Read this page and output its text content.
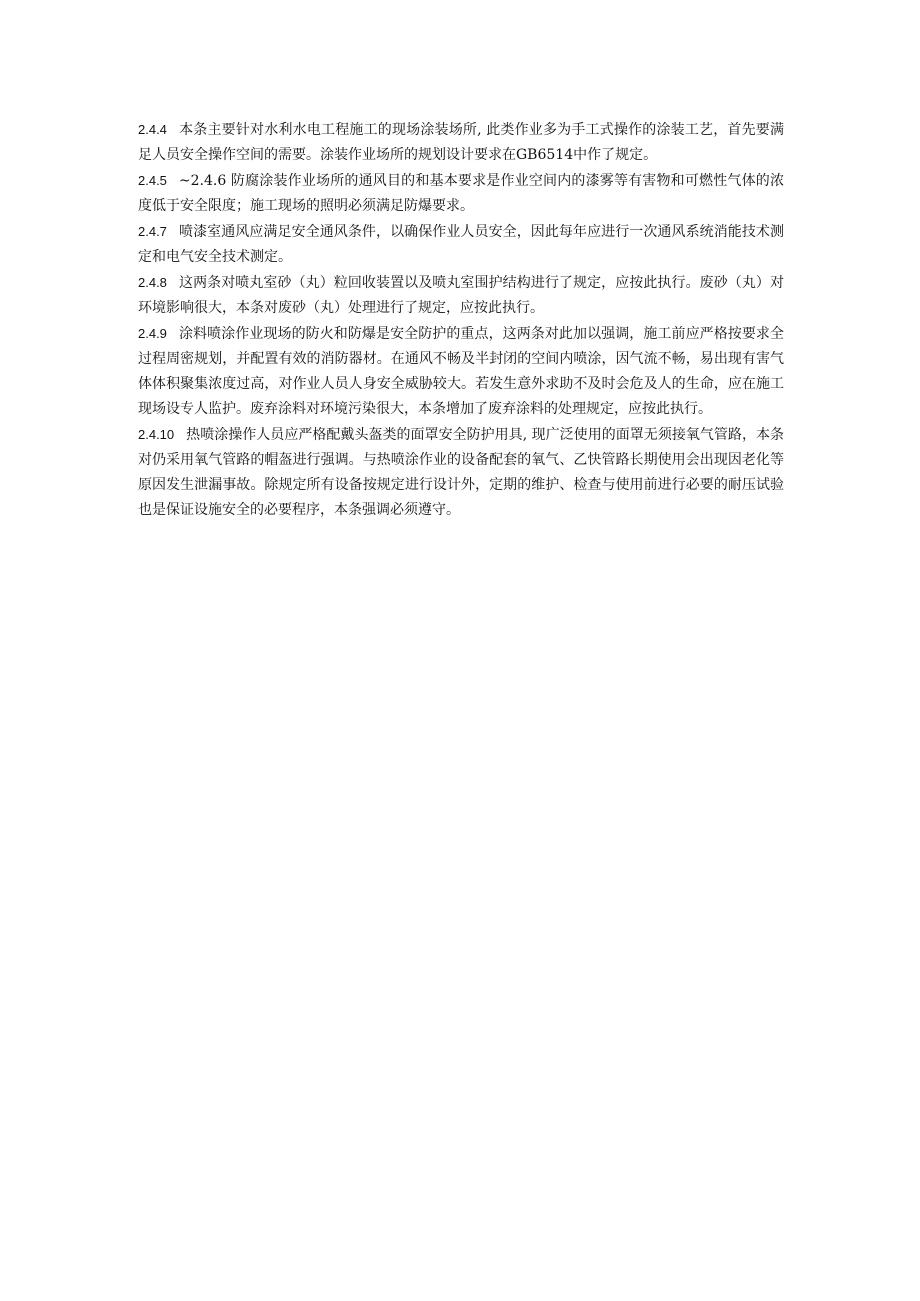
2.4.4 本条主要针对水利水电工程施工的现场涂装场所, 此类作业多为手工式操作的涂装工艺，首先要满足人员安全操作空间的需要。涂装作业场所的规划设计要求在GB6514中作了规定。

2.4.5 ~2.4.6 防腐涂装作业场所的通风目的和基本要求是作业空间内的漆雾等有害物和可燃性气体的浓度低于安全限度；施工现场的照明必须满足防爆要求。

2.4.7 喷漆室通风应满足安全通风条件，以确保作业人员安全，因此每年应进行一次通风系统消能技术测定和电气安全技术测定。

2.4.8 这两条对喷丸室砂（丸）粒回收装置以及喷丸室围护结构进行了规定，应按此执行。废砂（丸）对环境影响很大，本条对废砂（丸）处理进行了规定，应按此执行。

2.4.9 涂料喷涂作业现场的防火和防爆是安全防护的重点，这两条对此加以强调，施工前应严格按要求全过程周密规划，并配置有效的消防器材。在通风不畅及半封闭的空间内喷涂，因气流不畅，易出现有害气体体积聚集浓度过高，对作业人员人身安全威胁较大。若发生意外求助不及时会危及人的生命，应在施工现场设专人监护。废弃涂料对环境污染很大，本条增加了废弃涂料的处理规定，应按此执行。

2.4.10 热喷涂操作人员应严格配戴头盔类的面罩安全防护用具, 现广泛使用的面罩无须接氧气管路，本条对仍采用氧气管路的帽盔进行强调。与热喷涂作业的设备配套的氧气、乙快管路长期使用会出现因老化等原因发生泄漏事故。除规定所有设备按规定进行设计外，定期的维护、检查与使用前进行必要的耐压试验也是保证设施安全的必要程序，本条强调必须遵守。
